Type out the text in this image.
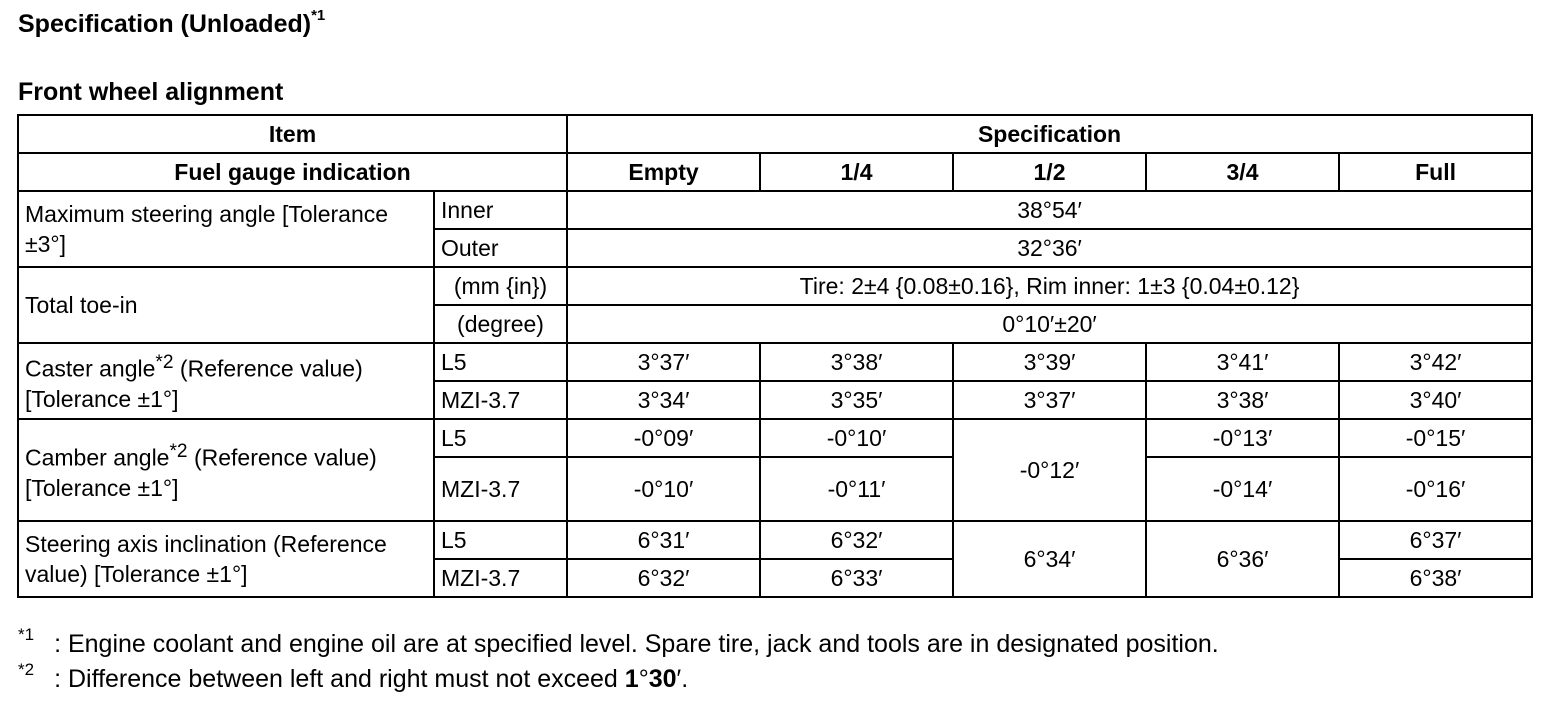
Specification (Unloaded)$^{*1}$
Front wheel alignment
Item		Specification				
Fuel gauge indication		Empty	1/4	1/2	3/4	Full
Maximum steering angle [Tolerance ±3°]	Inner	38°54′				
	Outer	32°36′				
Total toe-in	(mm {in})	Tire: 2±4 {0.08±0.16}, Rim inner: 1±3 {0.04±0.12}				
	(degree)	0°10′±20′				
Caster angle$^{*2}$ (Reference value) [Tolerance ±1°]	L5	3°37′	3°38′	3°39′	3°41′	3°42′
	MZI-3.7	3°34′	3°35′	3°37′	3°38′	3°40′
Camber angle$^{*2}$ (Reference value) [Tolerance ±1°]	L5	-0°09′	-0°10′	-0°12′	-0°13′	-0°15′
	MZI-3.7	-0°10′	-0°11′		-0°14′	-0°16′
Steering axis inclination (Reference value) [Tolerance ±1°]	L5	6°31′	6°32′	6°34′	6°36′	6°37′
	MZI-3.7	6°32′	6°33′			6°38′
$^{*1}$ : Engine coolant and engine oil are at specified level. Spare tire, jack and tools are in designated position.
$^{*2}$ : Difference between left and right must not exceed 1°30′.
